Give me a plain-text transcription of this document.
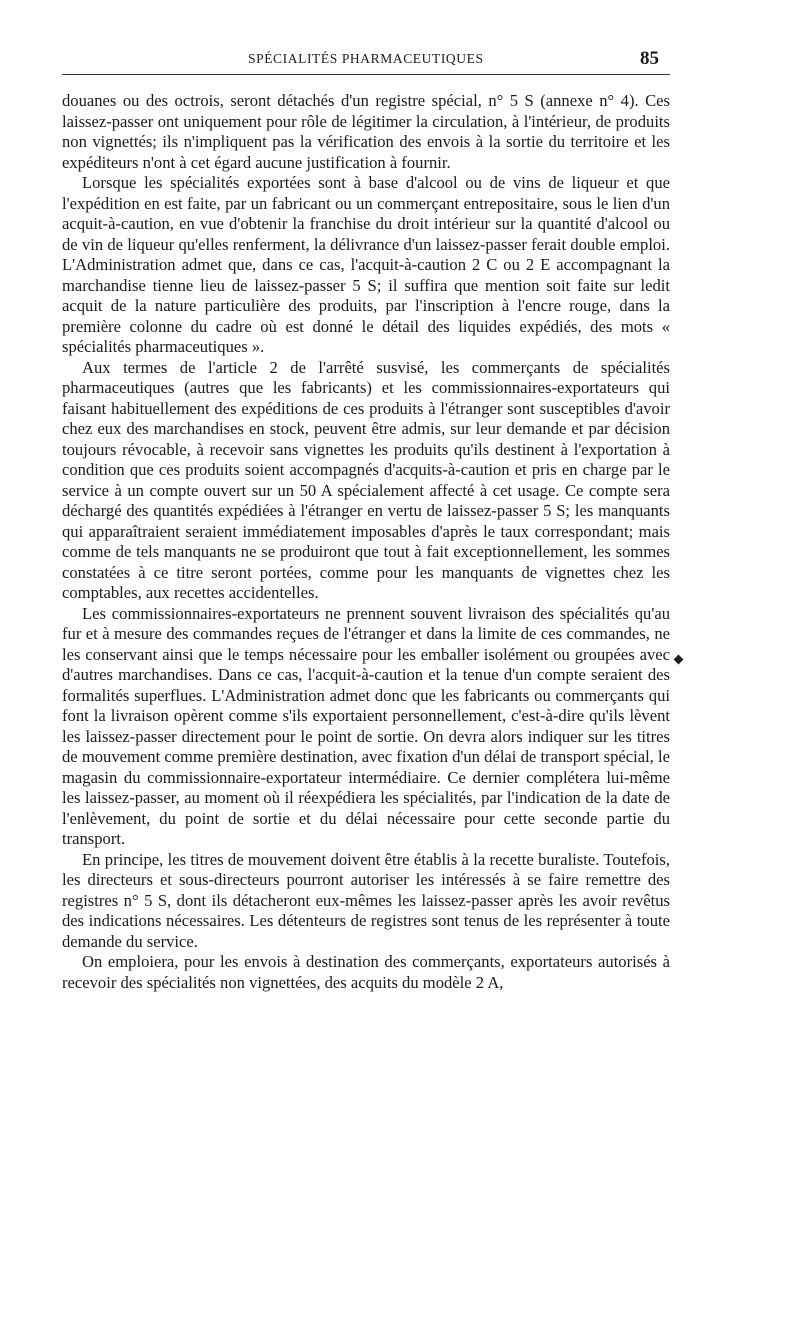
SPÉCIALITÉS PHARMACEUTIQUES	85

douanes ou des octrois, seront détachés d'un registre spécial, n° 5 S (annexe n° 4). Ces laissez-passer ont uniquement pour rôle de légitimer la circulation, à l'intérieur, de produits non vignettés; ils n'impliquent pas la vérification des envois à la sortie du territoire et les expéditeurs n'ont à cet égard aucune justification à fournir.

Lorsque les spécialités exportées sont à base d'alcool ou de vins de liqueur et que l'expédition en est faite, par un fabricant ou un commerçant entrepositaire, sous le lien d'un acquit-à-caution, en vue d'obtenir la franchise du droit intérieur sur la quantité d'alcool ou de vin de liqueur qu'elles renferment, la délivrance d'un laissez-passer ferait double emploi. L'Administration admet que, dans ce cas, l'acquit-à-caution 2 C ou 2 E accompagnant la marchandise tienne lieu de laissez-passer 5 S; il suffira que mention soit faite sur ledit acquit de la nature particulière des produits, par l'inscription à l'encre rouge, dans la première colonne du cadre où est donné le détail des liquides expédiés, des mots « spécialités pharmaceutiques ».

Aux termes de l'article 2 de l'arrêté susvisé, les commerçants de spécialités pharmaceutiques (autres que les fabricants) et les commissionnaires-exportateurs qui faisant habituellement des expéditions de ces produits à l'étranger sont susceptibles d'avoir chez eux des marchandises en stock, peuvent être admis, sur leur demande et par décision toujours révocable, à recevoir sans vignettes les produits qu'ils destinent à l'exportation à condition que ces produits soient accompagnés d'acquits-à-caution et pris en charge par le service à un compte ouvert sur un 50 A spécialement affecté à cet usage. Ce compte sera déchargé des quantités expédiées à l'étranger en vertu de laissez-passer 5 S; les manquants qui apparaîtraient seraient immédiatement imposables d'après le taux correspondant; mais comme de tels manquants ne se produiront que tout à fait exceptionnellement, les sommes constatées à ce titre seront portées, comme pour les manquants de vignettes chez les comptables, aux recettes accidentelles.

Les commissionnaires-exportateurs ne prennent souvent livraison des spécialités qu'au fur et à mesure des commandes reçues de l'étranger et dans la limite de ces commandes, ne les conservant ainsi que le temps nécessaire pour les emballer isolément ou groupées avec d'autres marchandises. Dans ce cas, l'acquit-à-caution et la tenue d'un compte seraient des formalités superflues. L'Administration admet donc que les fabricants ou commerçants qui font la livraison opèrent comme s'ils exportaient personnellement, c'est-à-dire qu'ils lèvent les laissez-passer directement pour le point de sortie. On devra alors indiquer sur les titres de mouvement comme première destination, avec fixation d'un délai de transport spécial, le magasin du commissionnaire-exportateur intermédiaire. Ce dernier complétera lui-même les laissez-passer, au moment où il réexpédiera les spécialités, par l'indication de la date de l'enlèvement, du point de sortie et du délai nécessaire pour cette seconde partie du transport.

En principe, les titres de mouvement doivent être établis à la recette buraliste. Toutefois, les directeurs et sous-directeurs pourront autoriser les intéressés à se faire remettre des registres n° 5 S, dont ils détacheront eux-mêmes les laissez-passer après les avoir revêtus des indications nécessaires. Les détenteurs de registres sont tenus de les représenter à toute demande du service.

On emploiera, pour les envois à destination des commerçants, exportateurs autorisés à recevoir des spécialités non vignettées, des acquits du modèle 2 A,
